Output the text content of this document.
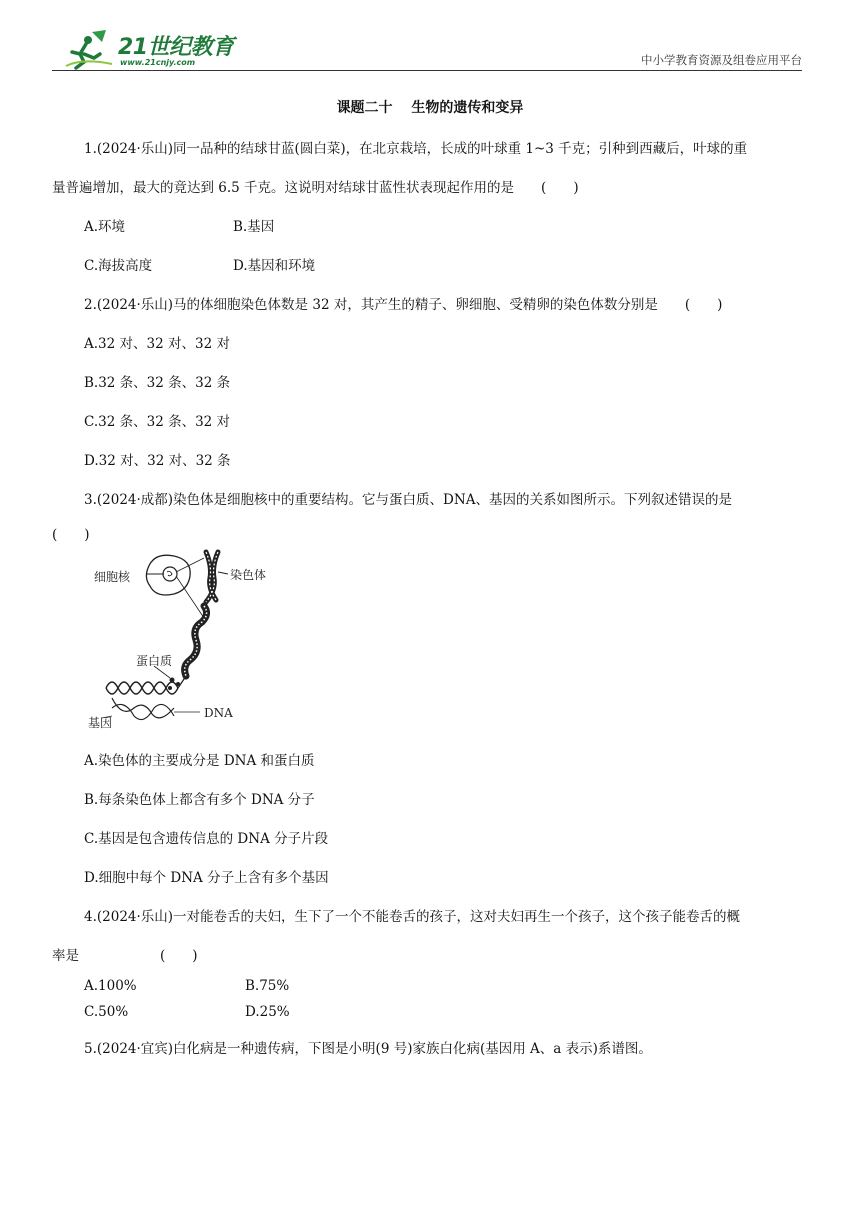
21世纪教育
www.21cnjy.com	中小学教育资源及组卷应用平台
课题二十　 生物的遗传和变异
1.(2024·乐山)同一品种的结球甘蓝(圆白菜)，在北京栽培，长成的叶球重 1~3 千克；引种到西藏后，叶球的重
量普遍增加，最大的竟达到 6.5 千克。这说明对结球甘蓝性状表现起作用的是　　(　　)
A.环境	B.基因
C.海拔高度	D.基因和环境
2.(2024·乐山)马的体细胞染色体数是 32 对，其产生的精子、卵细胞、受精卵的染色体数分别是　　(　　)
A.32 对、32 对、32 对
B.32 条、32 条、32 条
C.32 条、32 条、32 对
D.32 对、32 对、32 条
3.(2024·成都)染色体是细胞核中的重要结构。它与蛋白质、DNA、基因的关系如图所示。下列叙述错误的是
(　　)
细胞核	染色体
蛋白质
DNA
基因
A.染色体的主要成分是 DNA 和蛋白质
B.每条染色体上都含有多个 DNA 分子
C.基因是包含遗传信息的 DNA 分子片段
D.细胞中每个 DNA 分子上含有多个基因
4.(2024·乐山)一对能卷舌的夫妇，生下了一个不能卷舌的孩子，这对夫妇再生一个孩子，这个孩子能卷舌的概
率是　　　　　　(　　)
A.100%	B.75%
C.50%	D.25%
5.(2024·宜宾)白化病是一种遗传病，下图是小明(9 号)家族白化病(基因用 A、a 表示)系谱图。
